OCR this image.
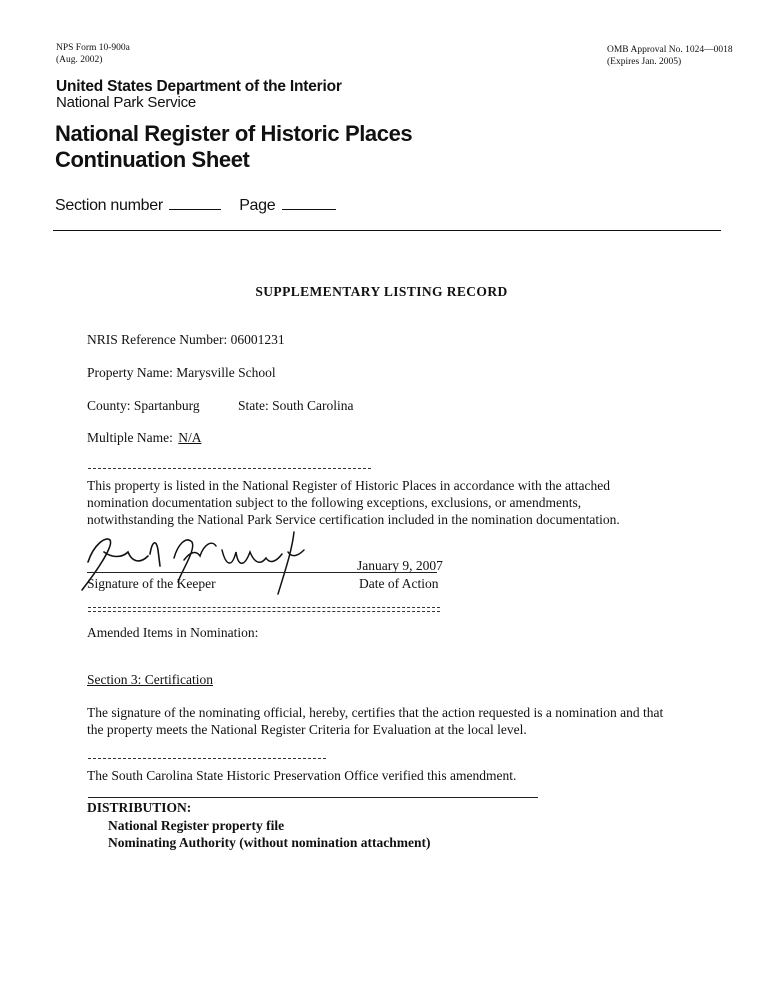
NPS Form 10-900a
(Aug. 2002)
OMB Approval No. 1024—0018
(Expires Jan. 2005)
United States Department of the Interior
National Park Service
National Register of Historic Places
Continuation Sheet
Section number	Page
SUPPLEMENTARY LISTING RECORD
NRIS Reference Number: 06001231
Property Name: Marysville School
County: Spartanburg	State: South Carolina
Multiple Name: N/A
This property is listed in the National Register of Historic Places in accordance with the attached
nomination documentation subject to the following exceptions, exclusions, or amendments,
notwithstanding the National Park Service certification included in the nomination documentation.
Signature of the Keeper
January 9, 2007
Date of Action
Amended Items in Nomination:
Section 3: Certification
The signature of the nominating official, hereby, certifies that the action requested is a nomination and that
the property meets the National Register Criteria for Evaluation at the local level.
The South Carolina State Historic Preservation Office verified this amendment.
DISTRIBUTION:
National Register property file
Nominating Authority (without nomination attachment)
